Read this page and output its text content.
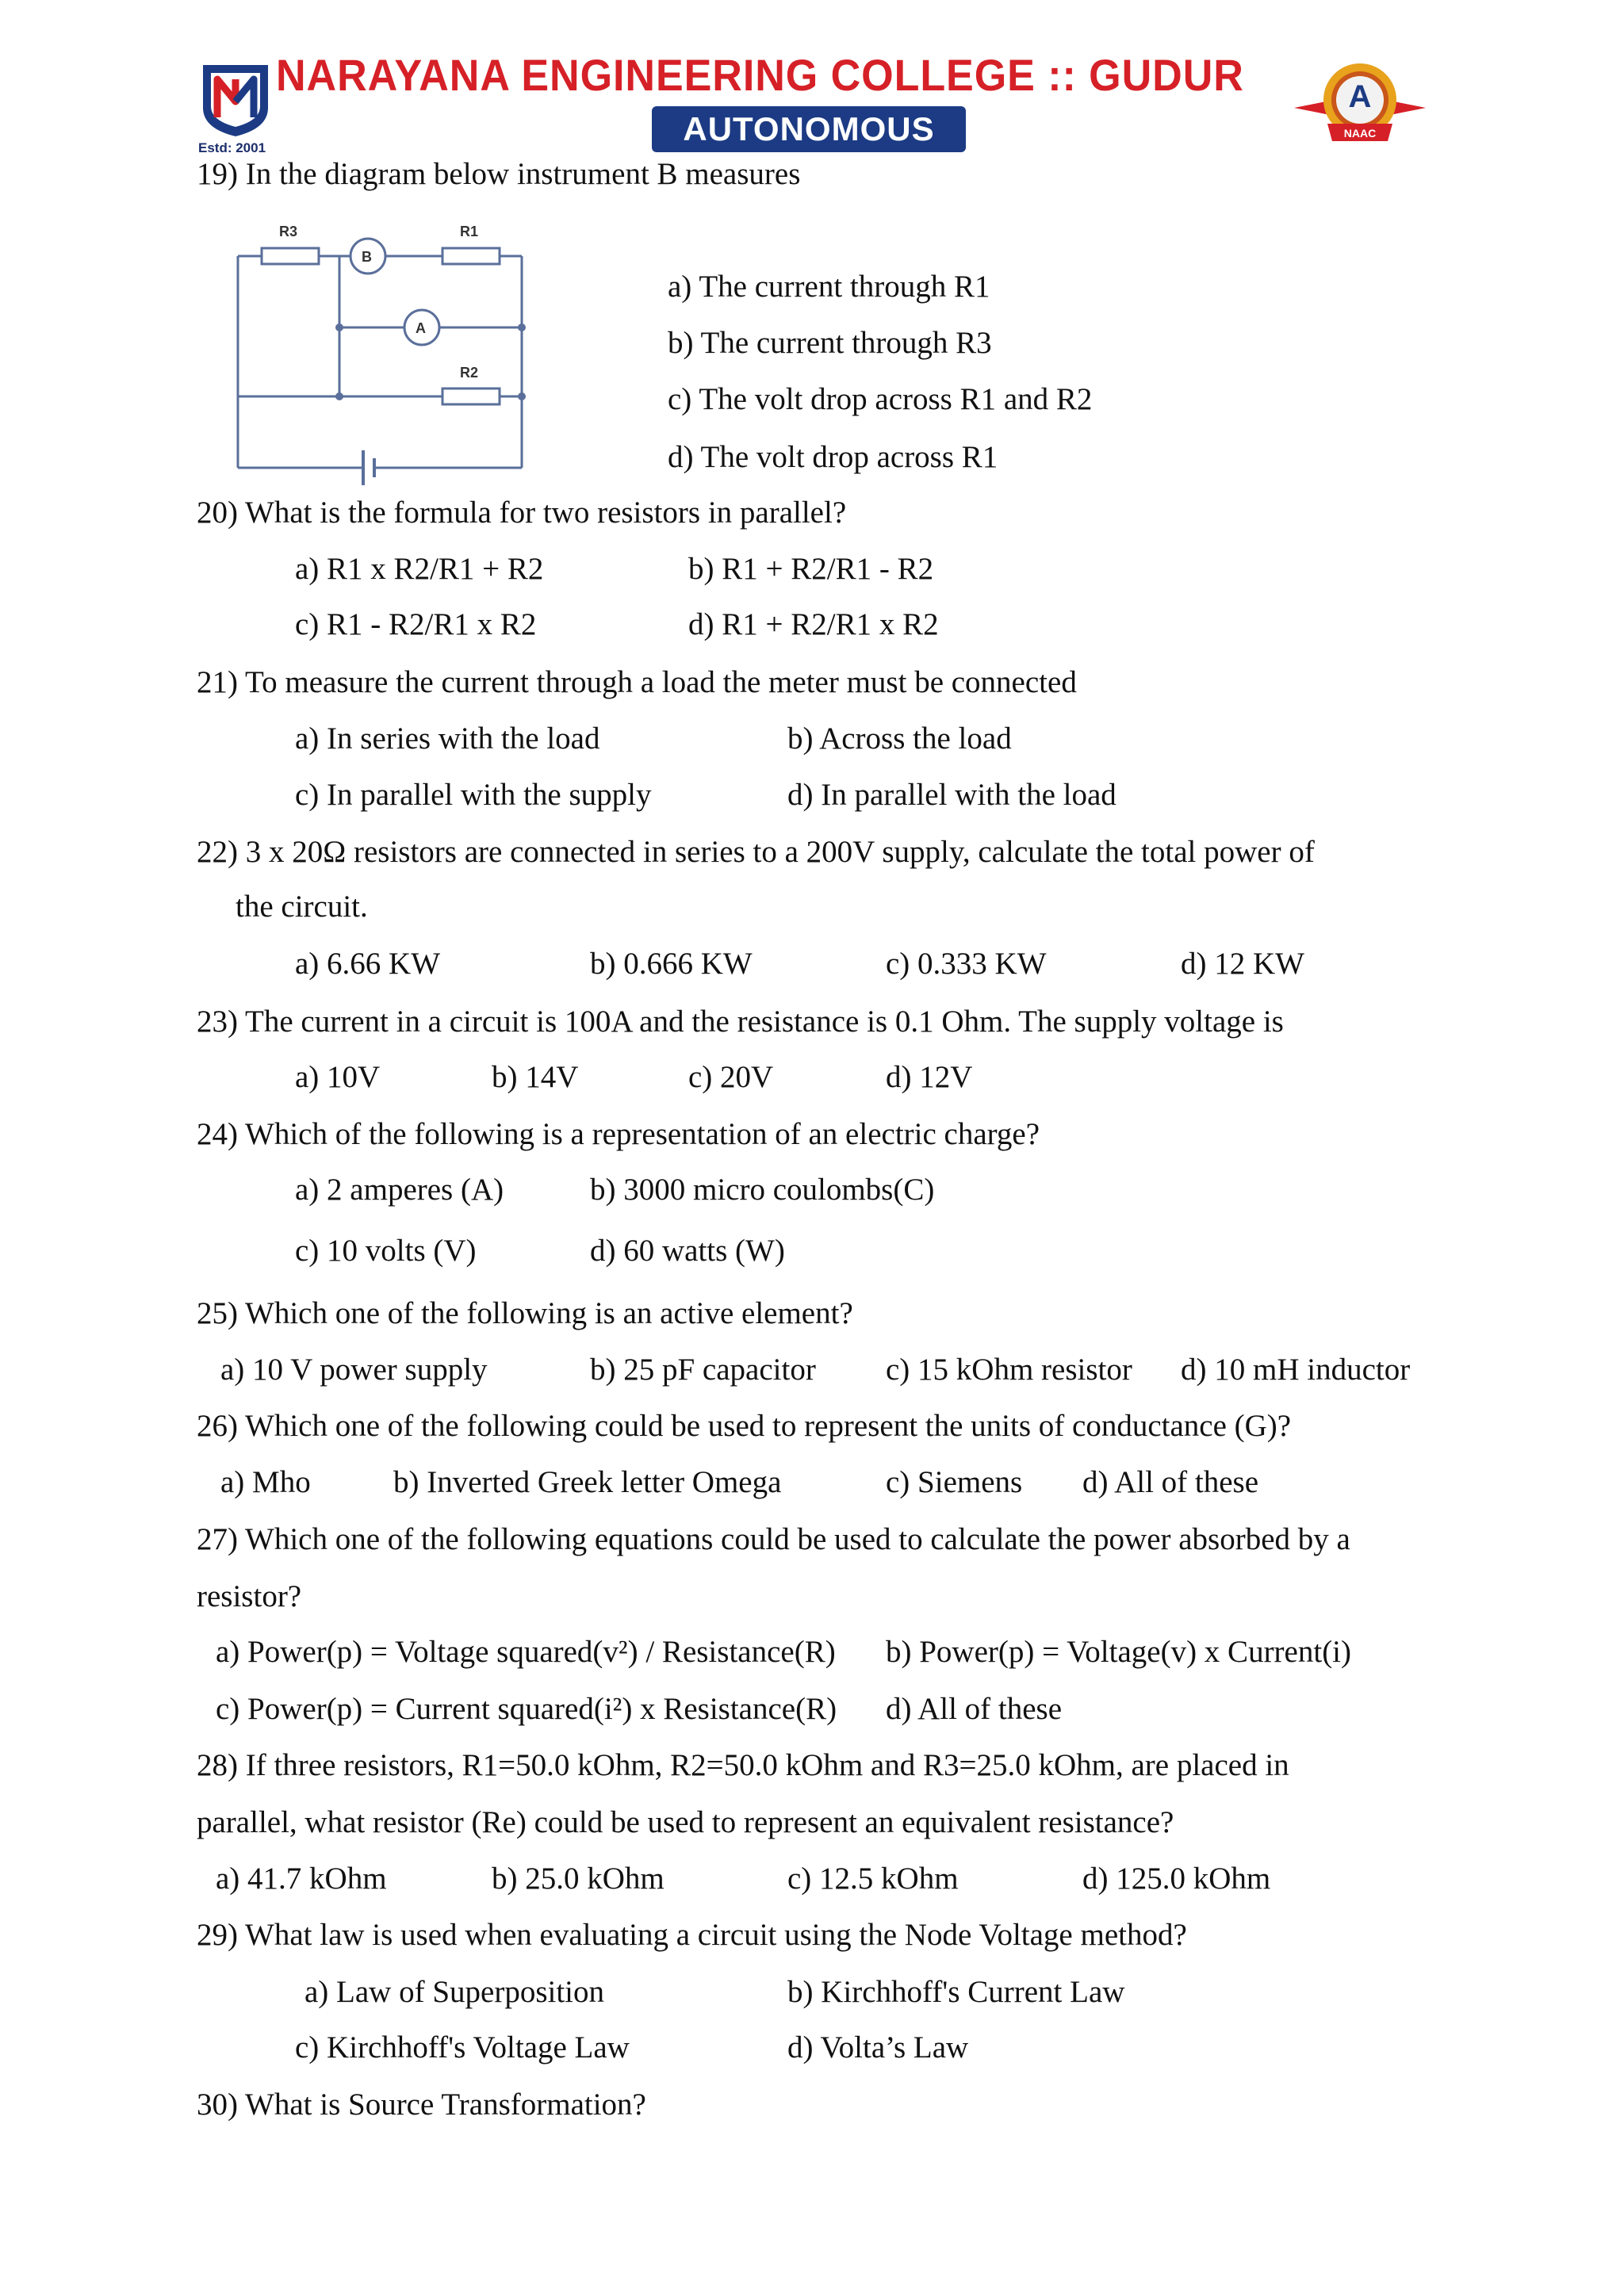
Estd: 2001
NARAYANA ENGINEERING COLLEGE :: GUDUR
AUTONOMOUS
A
NAAC
19) In the diagram below instrument B measures
R3	R1
B
A
R2
a) The current through R1
b) The current through R3
c) The volt drop across R1 and R2
d) The volt drop across R1
20) What is the formula for two resistors in parallel?
a) R1 x R2/R1 + R2	b) R1 + R2/R1 - R2
c) R1 - R2/R1 x R2	d) R1 + R2/R1 x R2
21) To measure the current through a load the meter must be connected
a) In series with the load	b) Across the load
c) In parallel with the supply	d) In parallel with the load
22) 3 x 20Ω resistors are connected in series to a 200V supply, calculate the total power of
the circuit.
a) 6.66 KW	b) 0.666 KW	c) 0.333 KW	d) 12 KW
23) The current in a circuit is 100A and the resistance is 0.1 Ohm. The supply voltage is
a) 10V	b) 14V	c) 20V	d) 12V
24) Which of the following is a representation of an electric charge?
a) 2 amperes (A)	b) 3000 micro coulombs(C)
c) 10 volts (V)	d) 60 watts (W)
25) Which one of the following is an active element?
a) 10 V power supply	b) 25 pF capacitor c) 15 kOhm resistor d) 10 mH inductor
26) Which one of the following could be used to represent the units of conductance (G)?
a) Mho	b) Inverted Greek letter Omega	c) Siemens d) All of these
27) Which one of the following equations could be used to calculate the power absorbed by a
resistor?
a) Power(p) = Voltage squared(v²) / Resistance(R) b) Power(p) = Voltage(v) x Current(i)
c) Power(p) = Current squared(i²) x Resistance(R) d) All of these
28) If three resistors, R1=50.0 kOhm, R2=50.0 kOhm and R3=25.0 kOhm, are placed in
parallel, what resistor (Re) could be used to represent an equivalent resistance?
a) 41.7 kOhm	b) 25.0 kOhm	c) 12.5 kOhm	d) 125.0 kOhm
29) What law is used when evaluating a circuit using the Node Voltage method?
a) Law of Superposition	b) Kirchhoff's Current Law
c) Kirchhoff's Voltage Law	d) Volta’s Law
30) What is Source Transformation?
